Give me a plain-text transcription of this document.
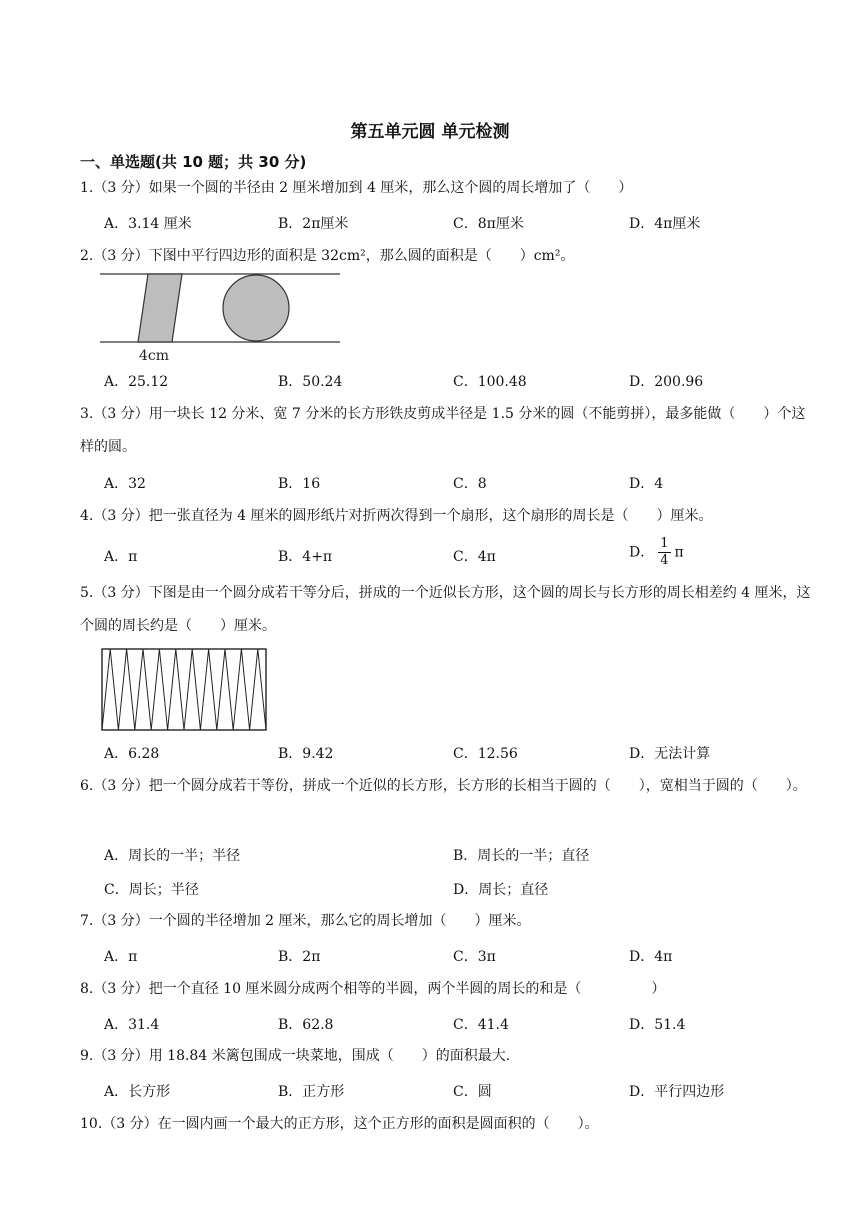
第五单元圆 单元检测
一、单选题(共 10 题；共 30 分)
1.（3 分）如果一个圆的半径由 2 厘米增加到 4 厘米，那么这个圆的周长增加了（　　）
A．3.14 厘米	B．2π厘米	C．8π厘米	D．4π厘米
2.（3 分）下图中平行四边形的面积是 32cm²，那么圆的面积是（　　）cm²。
4cm
A．25.12	B．50.24	C．100.48	D．200.96
3.（3 分）用一块长 12 分米、宽 7 分米的长方形铁皮剪成半径是 1.5 分米的圆（不能剪拼），最多能做（　　）个这样的圆。
A．32	B．16	C．8	D．4
4.（3 分）把一张直径为 4 厘米的圆形纸片对折两次得到一个扇形，这个扇形的周长是（　　）厘米。
A．π	B．4+π	C．4π	D． $\frac{1}{4}$ π
5.（3 分）下图是由一个圆分成若干等分后，拼成的一个近似长方形，这个圆的周长与长方形的周长相差约 4 厘米，这个圆的周长约是（　　）厘米。
A．6.28	B．9.42	C．12.56	D．无法计算
6.（3 分）把一个圆分成若干等份，拼成一个近似的长方形，长方形的长相当于圆的（　　），宽相当于圆的（　　）。
A．周长的一半；半径	B．周长的一半；直径
C．周长；半径	D．周长；直径
7.（3 分）一个圆的半径增加 2 厘米，那么它的周长增加（　　）厘米。
A．π	B．2π	C．3π	D．4π
8.（3 分）把一个直径 10 厘米圆分成两个相等的半圆，两个半圆的周长的和是（　　　　　）
A．31.4	B．62.8	C．41.4	D．51.4
9.（3 分）用 18.84 米篱包围成一块菜地，围成（　　）的面积最大.
A．长方形	B．正方形	C．圆	D．平行四边形
10.（3 分）在一圆内画一个最大的正方形，这个正方形的面积是圆面积的（　　）。
